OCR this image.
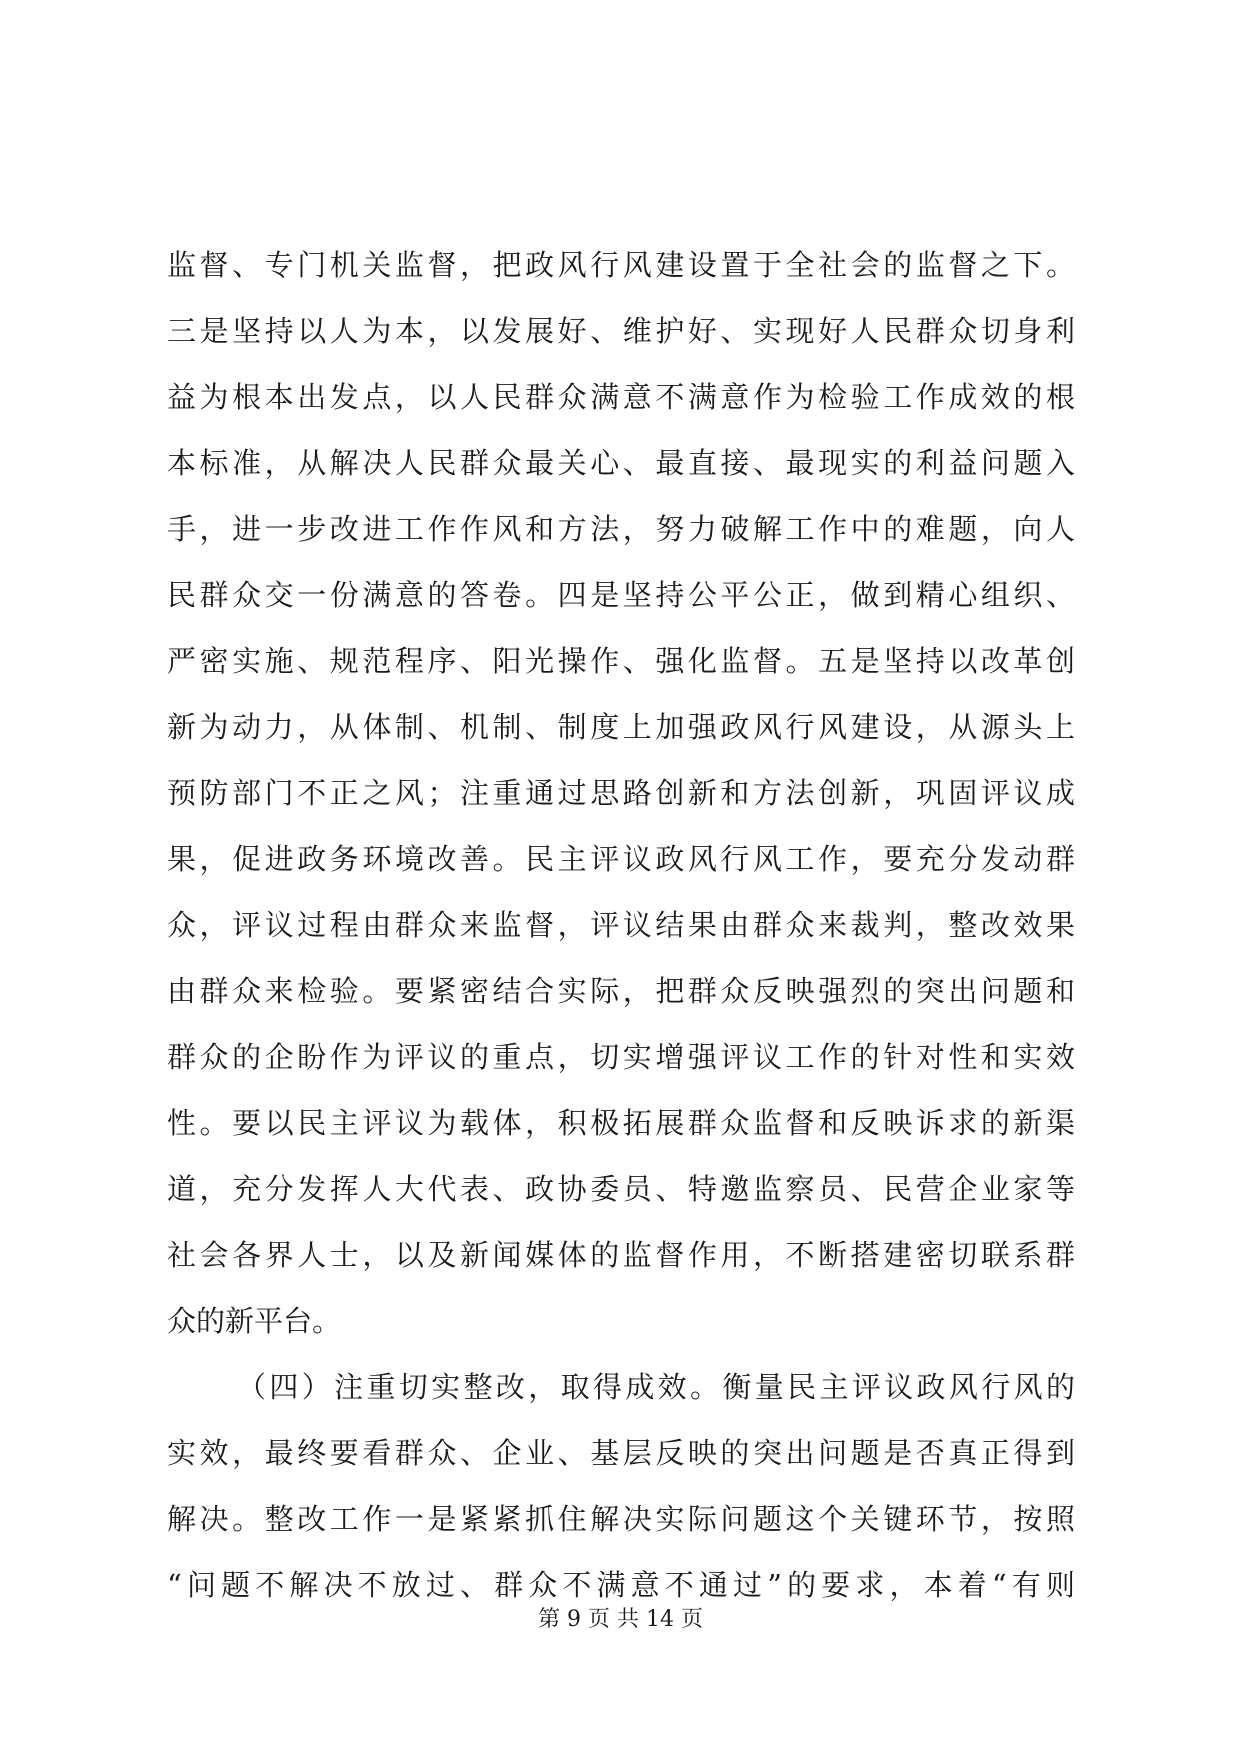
监督、专门机关监督，把政风行风建设置于全社会的监督之下。
三是坚持以人为本，以发展好、维护好、实现好人民群众切身利
益为根本出发点，以人民群众满意不满意作为检验工作成效的根
本标准，从解决人民群众最关心、最直接、最现实的利益问题入
手，进一步改进工作作风和方法，努力破解工作中的难题，向人
民群众交一份满意的答卷。四是坚持公平公正，做到精心组织、
严密实施、规范程序、阳光操作、强化监督。五是坚持以改革创
新为动力，从体制、机制、制度上加强政风行风建设，从源头上
预防部门不正之风；注重通过思路创新和方法创新，巩固评议成
果，促进政务环境改善。民主评议政风行风工作，要充分发动群
众，评议过程由群众来监督，评议结果由群众来裁判，整改效果
由群众来检验。要紧密结合实际，把群众反映强烈的突出问题和
群众的企盼作为评议的重点，切实增强评议工作的针对性和实效
性。要以民主评议为载体，积极拓展群众监督和反映诉求的新渠
道，充分发挥人大代表、政协委员、特邀监察员、民营企业家等
社会各界人士，以及新闻媒体的监督作用，不断搭建密切联系群
众的新平台。
（四）注重切实整改，取得成效。衡量民主评议政风行风的
实效，最终要看群众、企业、基层反映的突出问题是否真正得到
解决。整改工作一是紧紧抓住解决实际问题这个关键环节，按照
“问题不解决不放过、群众不满意不通过”的要求，本着“有则
第 9 页 共 14 页
